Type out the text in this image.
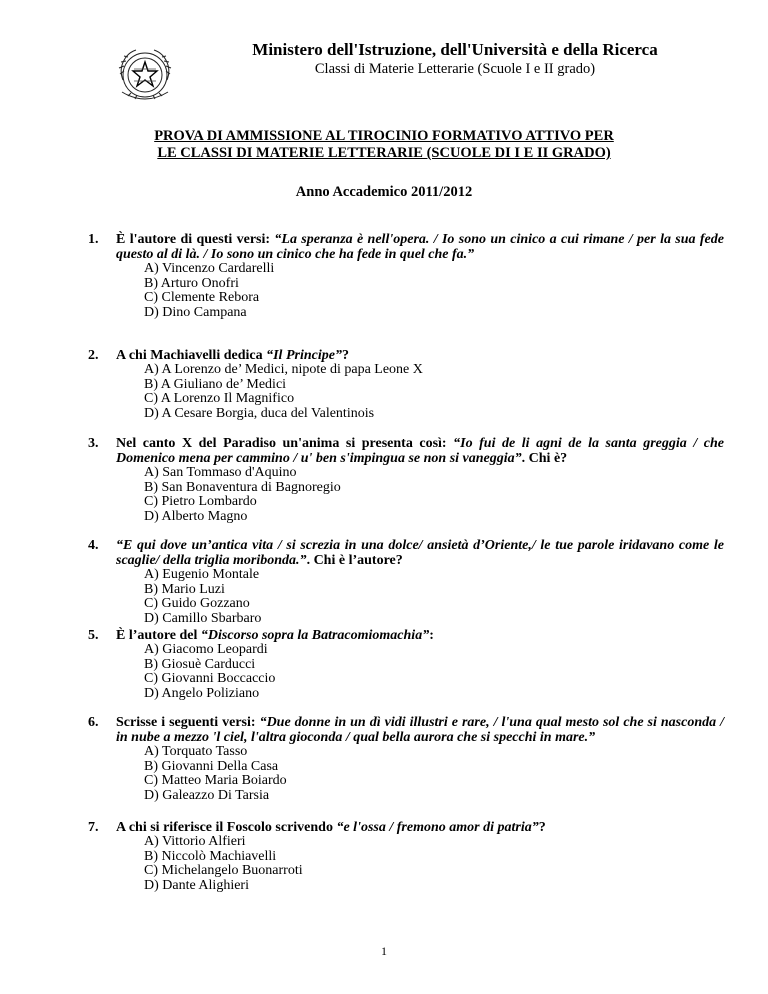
Ministero dell'Istruzione, dell'Università e della Ricerca
Classi di Materie Letterarie (Scuole I e II grado)
PROVA DI AMMISSIONE AL TIROCINIO FORMATIVO ATTIVO PER
LE CLASSI DI MATERIE LETTERARIE (SCUOLE DI I E II GRADO)
Anno Accademico 2011/2012
1. È l'autore di questi versi: “La speranza è nell'opera. / Io sono un cinico a cui rimane / per la sua fede questo al di là. / Io sono un cinico che ha fede in quel che fa.”
A) Vincenzo Cardarelli
B) Arturo Onofri
C) Clemente Rebora
D) Dino Campana
2. A chi Machiavelli dedica “Il Principe”?
A) A Lorenzo de’ Medici, nipote di papa Leone X
B) A Giuliano de’ Medici
C) A Lorenzo Il Magnifico
D) A Cesare Borgia, duca del Valentinois
3. Nel canto X del Paradiso un'anima si presenta così: “Io fui de li agni de la santa greggia / che Domenico mena per cammino / u' ben s'impingua se non si vaneggia”. Chi è?
A) San Tommaso d'Aquino
B) San Bonaventura di Bagnoregio
C) Pietro Lombardo
D) Alberto Magno
4. “E qui dove un’antica vita / si screzia in una dolce/ ansietà d’Oriente,/ le tue parole iridavano come le scaglie/ della triglia moribonda.”. Chi è l’autore?
A) Eugenio Montale
B) Mario Luzi
C) Guido Gozzano
D) Camillo Sbarbaro
5. È l’autore del “Discorso sopra la Batracomiomachia”:
A) Giacomo Leopardi
B) Giosuè Carducci
C) Giovanni Boccaccio
D) Angelo Poliziano
6. Scrisse i seguenti versi: “Due donne in un dì vidi illustri e rare, / l'una qual mesto sol che si nasconda / in nube a mezzo 'l ciel, l'altra gioconda / qual bella aurora che si specchi in mare.”
A) Torquato Tasso
B) Giovanni Della Casa
C) Matteo Maria Boiardo
D) Galeazzo Di Tarsia
7. A chi si riferisce il Foscolo scrivendo “e l'ossa / fremono amor di patria”?
A) Vittorio Alfieri
B) Niccolò Machiavelli
C) Michelangelo Buonarroti
D) Dante Alighieri
1
